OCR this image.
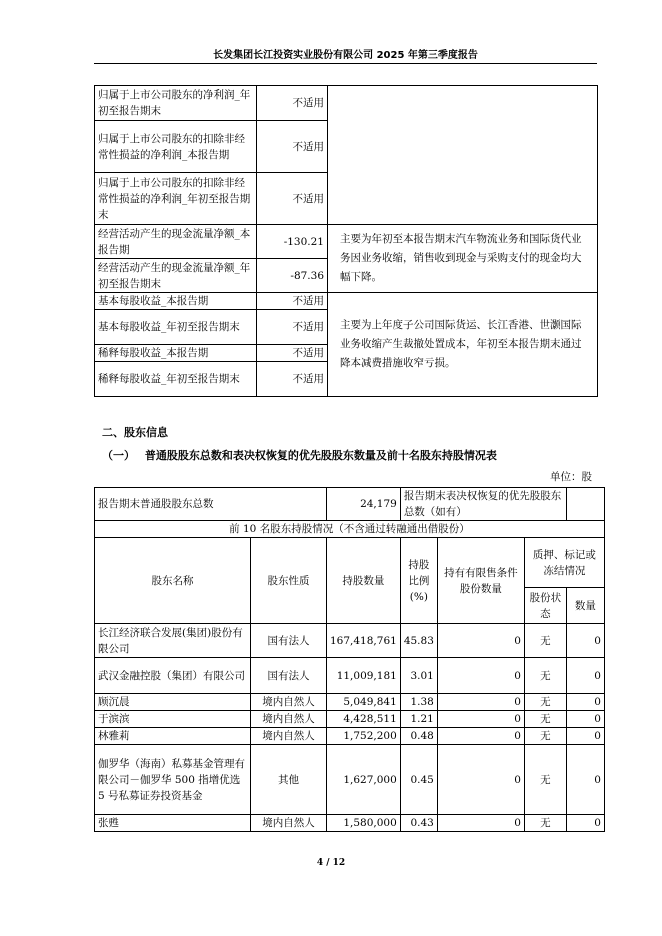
长发集团长江投资实业股份有限公司 2025 年第三季度报告
归属于上市公司股东的净利润_年初至报告期末	不适用	
归属于上市公司股东的扣除非经常性损益的净利润_本报告期	不适用	
归属于上市公司股东的扣除非经常性损益的净利润_年初至报告期末	不适用	
经营活动产生的现金流量净额_本报告期	-130.21	主要为年初至本报告期末汽车物流业务和国际货代业务因业务收缩，销售收到现金与采购支付的现金均大幅下降。
经营活动产生的现金流量净额_年初至报告期末	-87.36	
基本每股收益_本报告期	不适用	主要为上年度子公司国际货运、长江香港、世灏国际业务收缩产生裁撤处置成本，年初至本报告期末通过降本减费措施收窄亏损。
基本每股收益_年初至报告期末	不适用	
稀释每股收益_本报告期	不适用	
稀释每股收益_年初至报告期末	不适用	
二、股东信息
（一） 普通股股东总数和表决权恢复的优先股股东数量及前十名股东持股情况表
单位：股
报告期末普通股股东总数		24,179	报告期末表决权恢复的优先股股东总数（如有）			
前 10 名股东持股情况（不含通过转融通出借股份）						
股东名称	股东性质	持股数量	持股比例(%)	持有有限售条件股份数量	质押、标记或冻结情况	
					股份状态	数量
长江经济联合发展(集团)股份有限公司	国有法人	167,418,761	45.83	0	无	0
武汉金融控股（集团）有限公司	国有法人	11,009,181	3.01	0	无	0
顾沉晨	境内自然人	5,049,841	1.38	0	无	0
于滨滨	境内自然人	4,428,511	1.21	0	无	0
林雅莉	境内自然人	1,752,200	0.48	0	无	0
伽罗华（海南）私募基金管理有限公司－伽罗华 500 指增优选 5 号私募证券投资基金	其他	1,627,000	0.45	0	无	0
张甦	境内自然人	1,580,000	0.43	0	无	0
4 / 12
